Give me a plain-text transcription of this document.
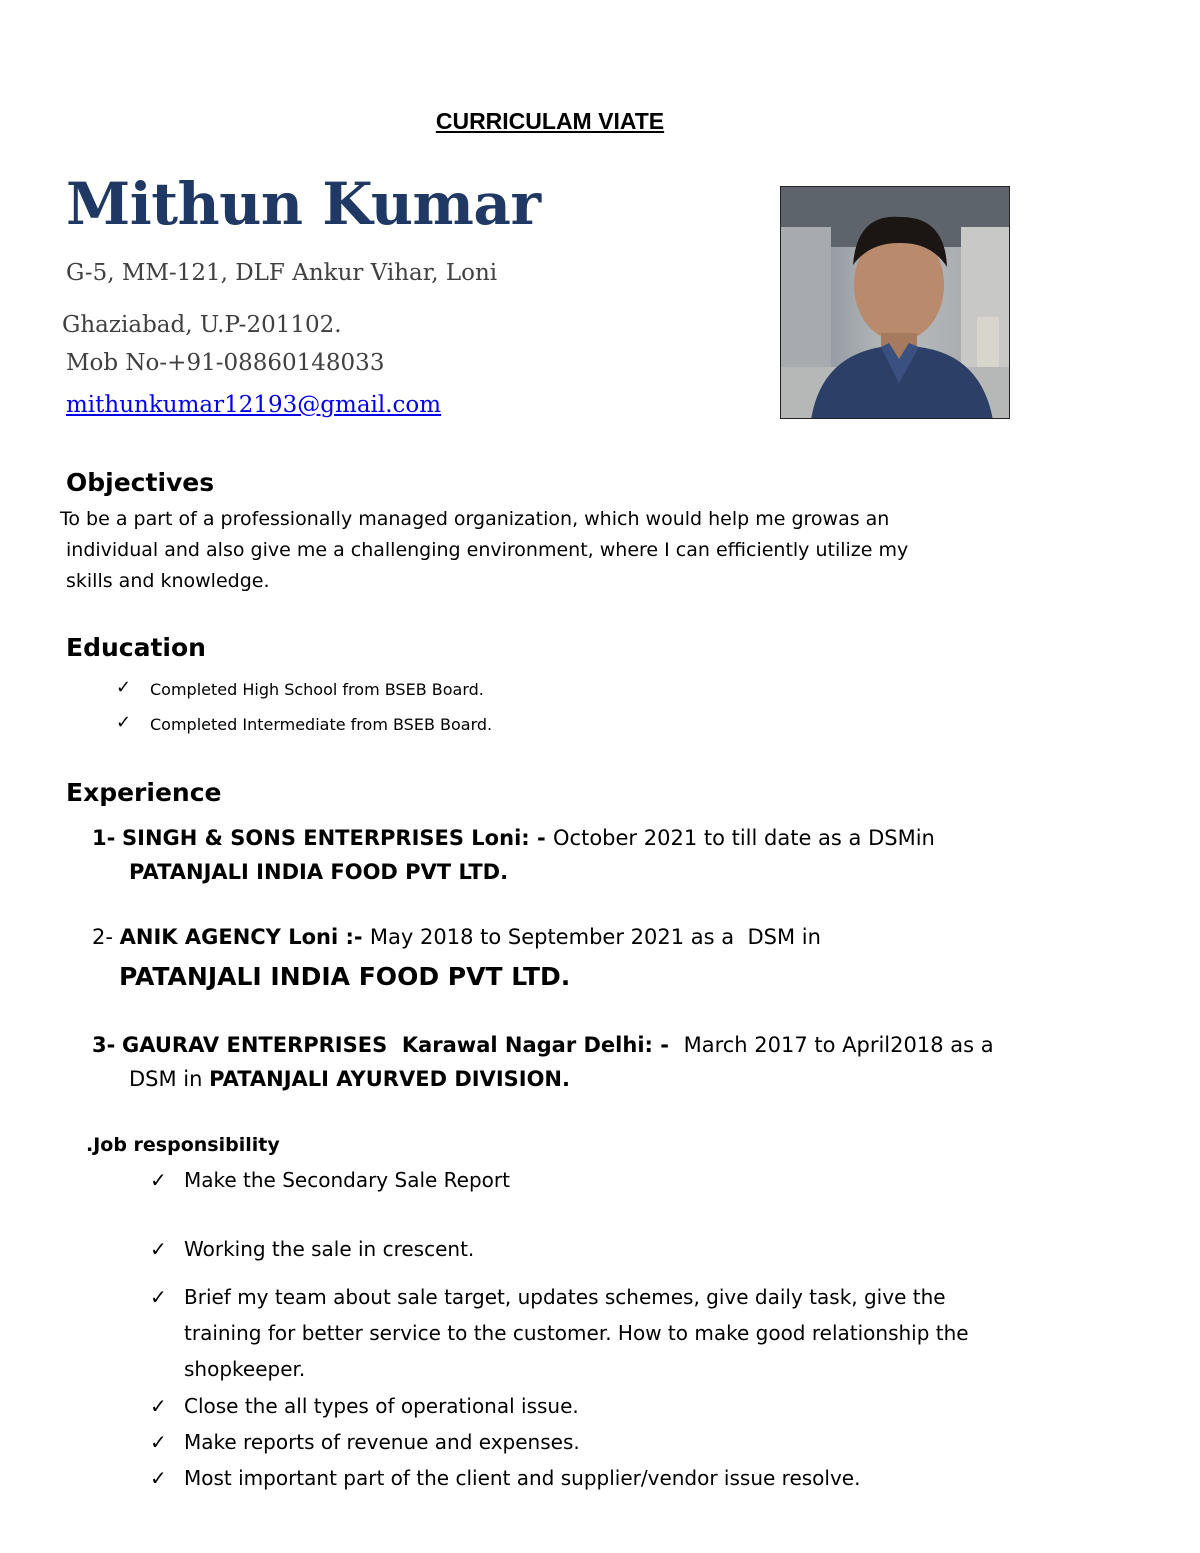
CURRICULAM VIATE
Mithun Kumar
G-5, MM-121, DLF Ankur Vihar, Loni
Ghaziabad, U.P-201102.
Mob No-+91-08860148033
mithunkumar12193@gmail.com
Objectives
To be a part of a professionally managed organization, which would help me growas an
individual and also give me a challenging environment, where I can efficiently utilize my
skills and knowledge.
Education
✓ Completed High School from BSEB Board.
✓ Completed Intermediate from BSEB Board.
Experience
1- SINGH & SONS ENTERPRISES Loni: - October 2021 to till date as a DSMin
PATANJALI INDIA FOOD PVT LTD.
2- ANIK AGENCY Loni :- May 2018 to September 2021 as a  DSM in
PATANJALI INDIA FOOD PVT LTD.
3- GAURAV ENTERPRISES  Karawal Nagar Delhi: -  March 2017 to April2018 as a
DSM in PATANJALI AYURVED DIVISION.
.Job responsibility
✓ Make the Secondary Sale Report
✓ Working the sale in crescent.
✓ Brief my team about sale target, updates schemes, give daily task, give the
training for better service to the customer. How to make good relationship the
shopkeeper.
✓ Close the all types of operational issue.
✓ Make reports of revenue and expenses.
✓ Most important part of the client and supplier/vendor issue resolve.
